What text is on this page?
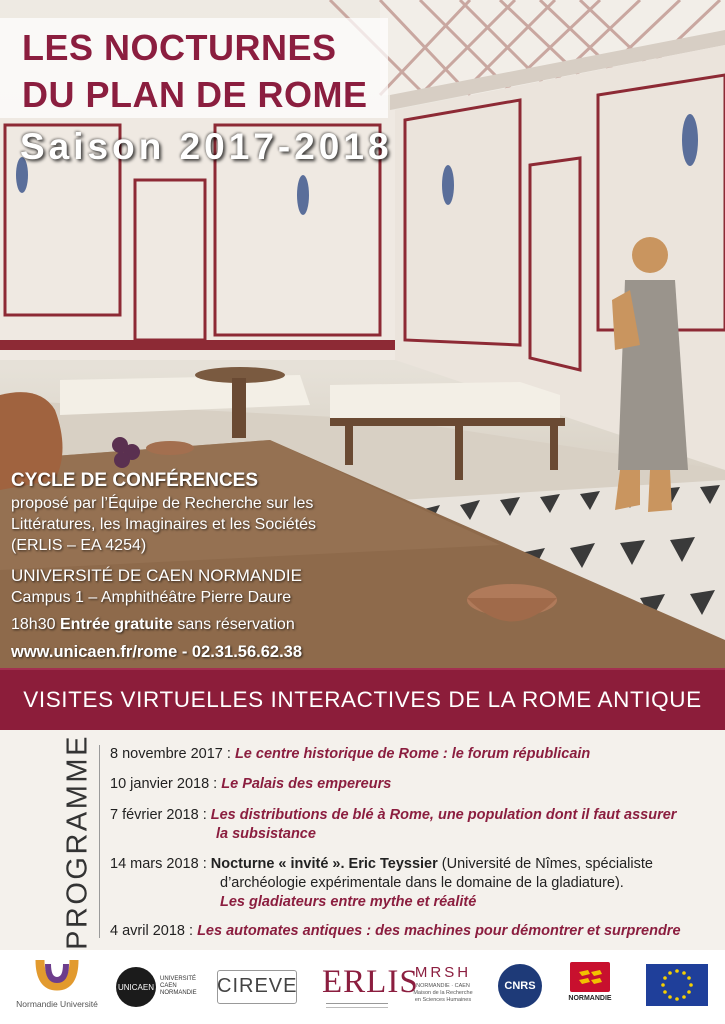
LES NOCTURNES
DU PLAN DE ROME
Saison 2017-2018
CYCLE DE CONFÉRENCES
proposé par l’Équipe de Recherche sur les
Littératures, les Imaginaires et les Sociétés
(ERLIS – EA 4254)
UNIVERSITÉ DE CAEN NORMANDIE
Campus 1 – Amphithéâtre Pierre Daure
18h30 Entrée gratuite sans réservation
www.unicaen.fr/rome - 02.31.56.62.38
VISITES VIRTUELLES INTERACTIVES DE LA ROME ANTIQUE
PROGRAMME 8 novembre 2017 : Le centre historique de Rome : le forum républicain
10 janvier 2018 : Le Palais des empereurs
7 février 2018 : Les distributions de blé à Rome, une population dont il faut assurer
la subsistance
14 mars 2018 : Nocturne « invité ». Eric Teyssier (Université de Nîmes, spécialiste
d’archéologie expérimentale dans le domaine de la gladiature).
Les gladiateurs entre mythe et réalité
4 avril 2018 : Les automates antiques : des machines pour démontrer et surprendre
Normandie Université
UNICAEN
UNIVERSITÉ
CAEN
NORMANDIE CIREVE ERLIS
MRSH
NORMANDIE · CAEN
Maison de la Recherche
en Sciences Humaines
CNRS
NORMANDIE
